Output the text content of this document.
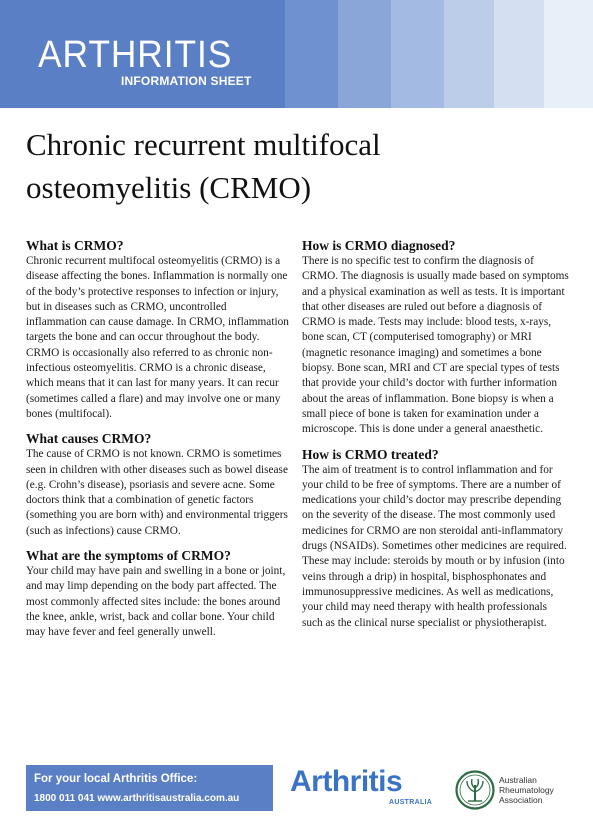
ARTHRITIS
INFORMATION SHEET
Chronic recurrent multifocal
osteomyelitis (CRMO)
What is CRMO?

Chronic recurrent multifocal osteomyelitis (CRMO) is a disease affecting the bones. Inflammation is normally one of the body’s protective responses to infection or injury, but in diseases such as CRMO, uncontrolled inflammation can cause damage. In CRMO, inflammation targets the bone and can occur throughout the body. CRMO is occasionally also referred to as chronic non-infectious osteomyelitis. CRMO is a chronic disease, which means that it can last for many years. It can recur (sometimes called a flare) and may involve one or many bones (multifocal).

What causes CRMO?

The cause of CRMO is not known. CRMO is sometimes seen in children with other diseases such as bowel disease (e.g. Crohn’s disease), psoriasis and severe acne. Some doctors think that a combination of genetic factors (something you are born with) and environmental triggers (such as infections) cause CRMO.

What are the symptoms of CRMO?

Your child may have pain and swelling in a bone or joint, and may limp depending on the body part affected. The most commonly affected sites include: the bones around the knee, ankle, wrist, back and collar bone. Your child may have fever and feel generally unwell.

How is CRMO diagnosed?

There is no specific test to confirm the diagnosis of CRMO. The diagnosis is usually made based on symptoms and a physical examination as well as tests. It is important that other diseases are ruled out before a diagnosis of CRMO is made. Tests may include: blood tests, x-rays, bone scan, CT (computerised tomography) or MRI (magnetic resonance imaging) and sometimes a bone biopsy. Bone scan, MRI and CT are special types of tests that provide your child’s doctor with further information about the areas of inflammation. Bone biopsy is when a small piece of bone is taken for examination under a microscope. This is done under a general anaesthetic.

How is CRMO treated?

The aim of treatment is to control inflammation and for your child to be free of symptoms. There are a number of medications your child’s doctor may prescribe depending on the severity of the disease. The most commonly used medicines for CRMO are non steroidal anti-inflammatory drugs (NSAIDs). Sometimes other medicines are required. These may include: steroids by mouth or by infusion (into veins through a drip) in hospital, bisphosphonates and immunosuppressive medicines. As well as medications, your child may need therapy with health professionals such as the clinical nurse specialist or physiotherapist.

For your local Arthritis Office:
1800 011 041 www.arthritisaustralia.com.au
Arthritis
AUSTRALIA
Australian
Rheumatology
Association
